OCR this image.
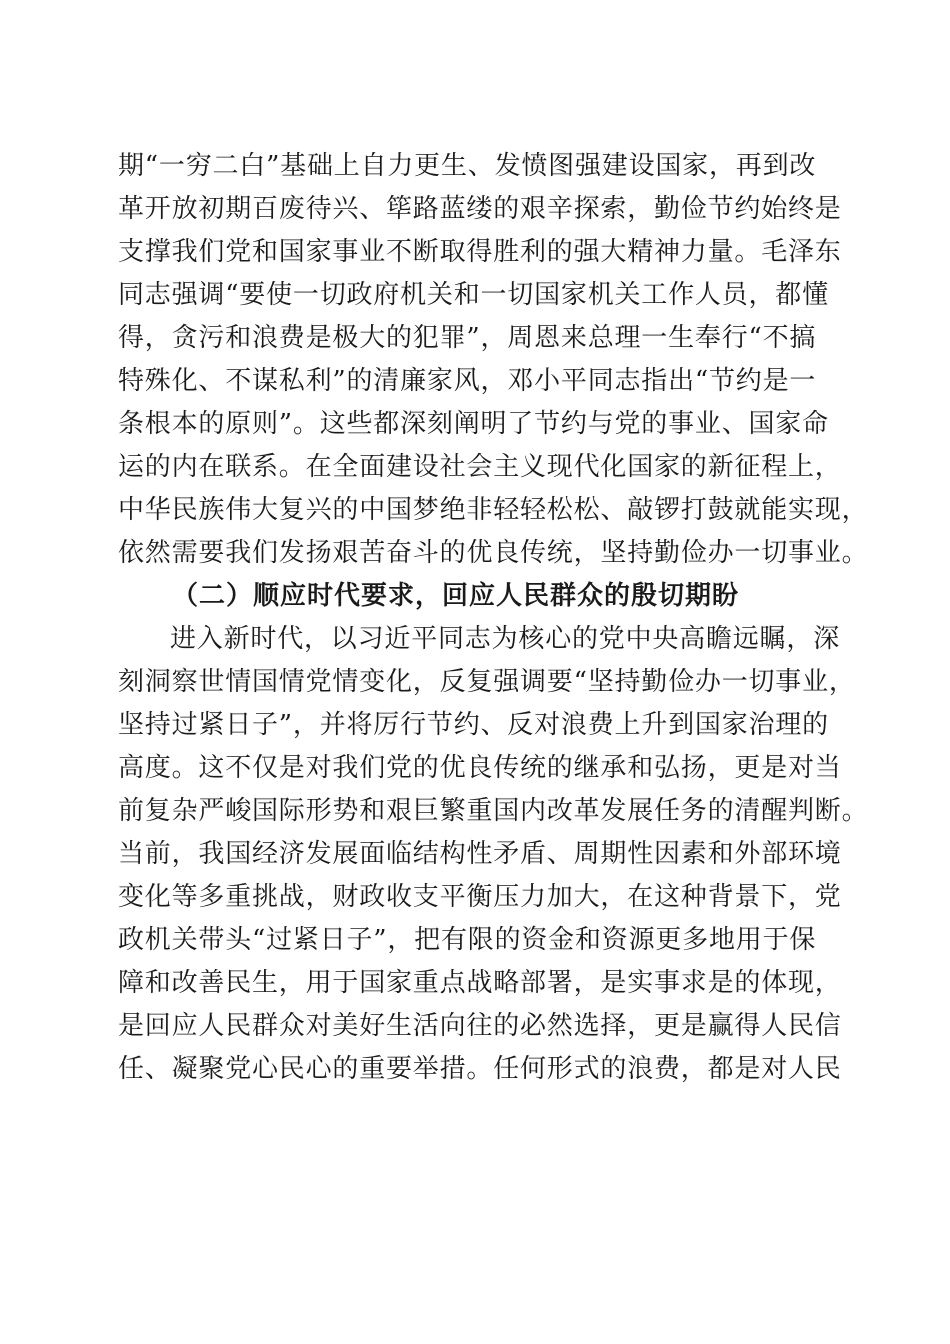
期“一穷二白”基础上自力更生、发愤图强建设国家，再到改
革开放初期百废待兴、筚路蓝缕的艰辛探索，勤俭节约始终是
支撑我们党和国家事业不断取得胜利的强大精神力量。毛泽东
同志强调“要使一切政府机关和一切国家机关工作人员，都懂
得，贪污和浪费是极大的犯罪”，周恩来总理一生奉行“不搞
特殊化、不谋私利”的清廉家风，邓小平同志指出“节约是一
条根本的原则”。这些都深刻阐明了节约与党的事业、国家命
运的内在联系。在全面建设社会主义现代化国家的新征程上，
中华民族伟大复兴的中国梦绝非轻轻松松、敲锣打鼓就能实现，
依然需要我们发扬艰苦奋斗的优良传统，坚持勤俭办一切事业。
（二）顺应时代要求，回应人民群众的殷切期盼
进入新时代，以习近平同志为核心的党中央高瞻远瞩，深
刻洞察世情国情党情变化，反复强调要“坚持勤俭办一切事业，
坚持过紧日子”，并将厉行节约、反对浪费上升到国家治理的
高度。这不仅是对我们党的优良传统的继承和弘扬，更是对当
前复杂严峻国际形势和艰巨繁重国内改革发展任务的清醒判断。
当前，我国经济发展面临结构性矛盾、周期性因素和外部环境
变化等多重挑战，财政收支平衡压力加大，在这种背景下，党
政机关带头“过紧日子”，把有限的资金和资源更多地用于保
障和改善民生，用于国家重点战略部署，是实事求是的体现，
是回应人民群众对美好生活向往的必然选择，更是赢得人民信
任、凝聚党心民心的重要举措。任何形式的浪费，都是对人民
